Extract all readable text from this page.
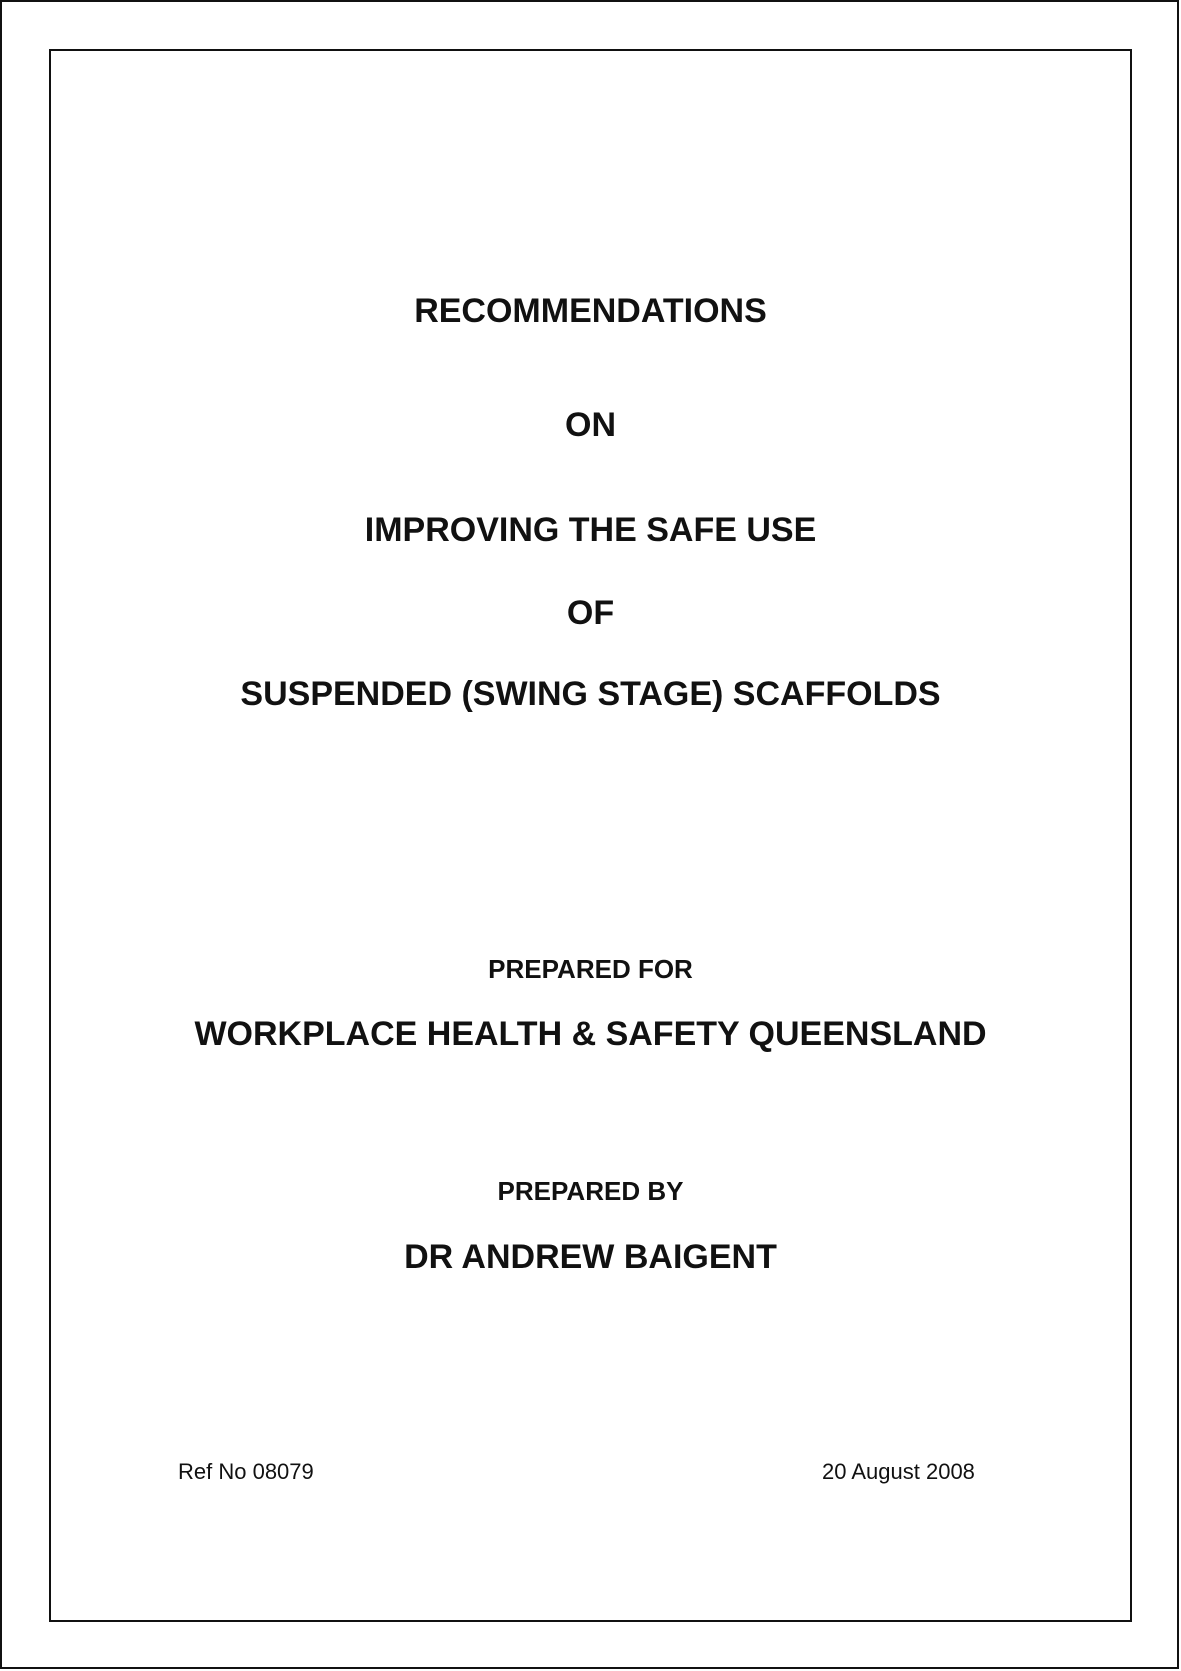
RECOMMENDATIONS
ON
IMPROVING THE SAFE USE
OF
SUSPENDED (SWING STAGE) SCAFFOLDS
PREPARED FOR
WORKPLACE HEALTH & SAFETY QUEENSLAND
PREPARED BY
DR ANDREW BAIGENT
Ref No 08079	20 August 2008
